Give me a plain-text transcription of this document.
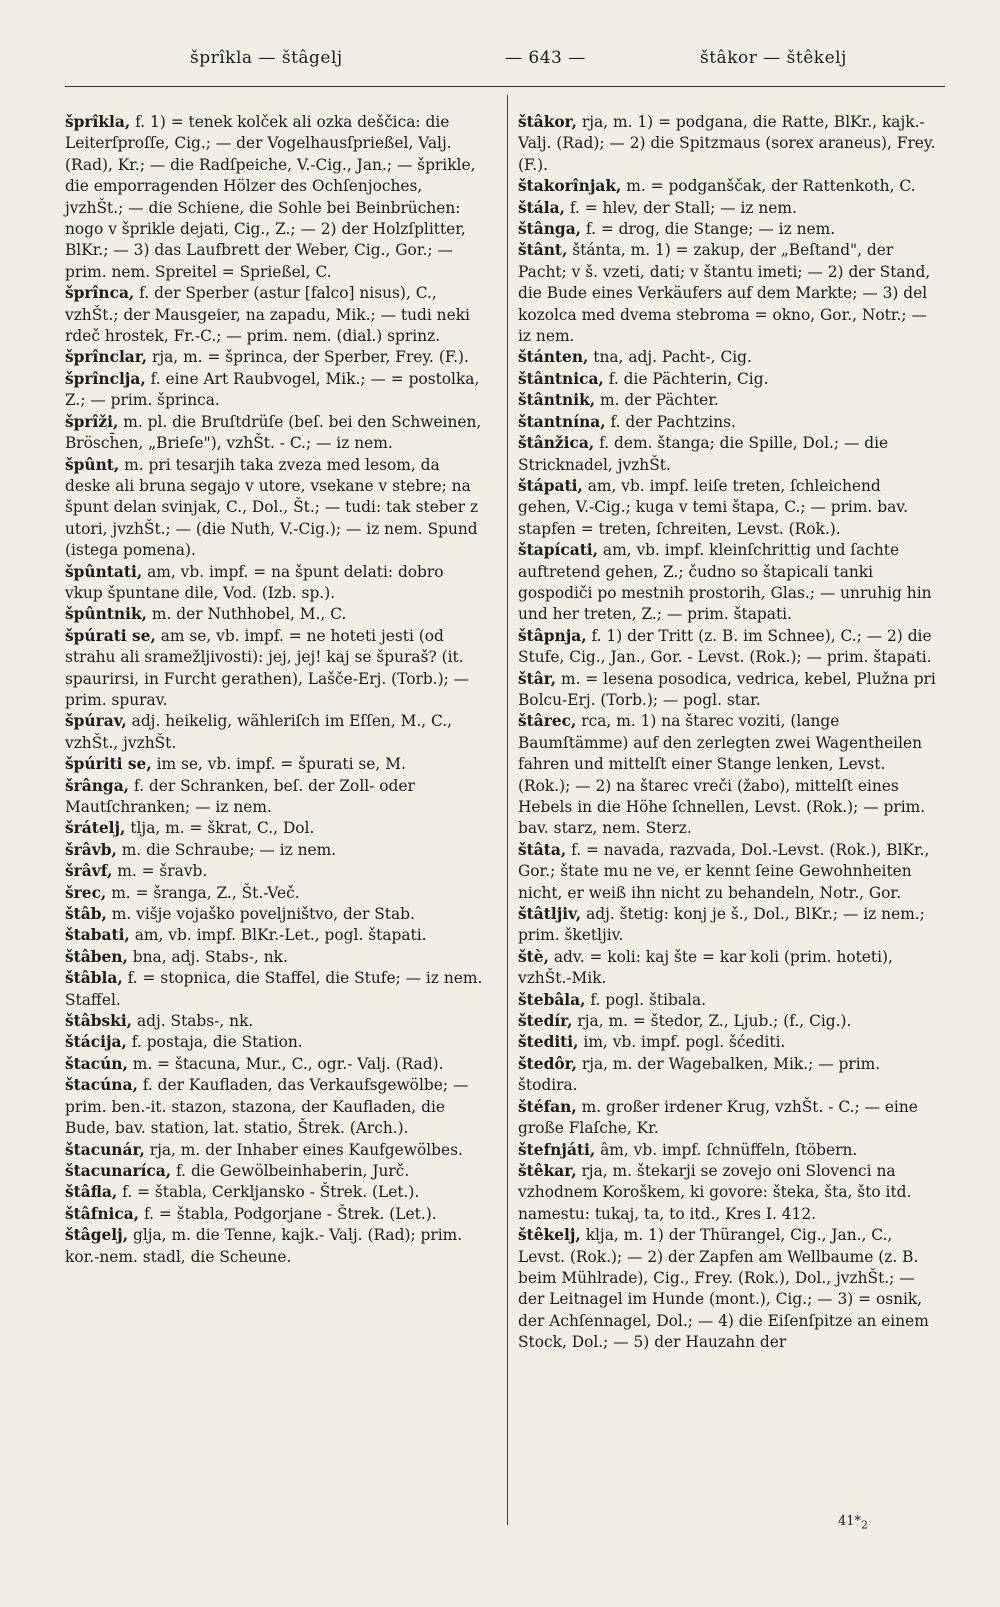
šprîkla — štâgelj	— 643 —	štâkor — štêkelj

šprîkla, f. 1) = tenek kolček ali ozka deščica: die Leiterſproſſe, Cig.; — der Vogelhausſprießel, Valj. (Rad), Kr.; — die Radſpeiche, V.-Cig., Jan.; — šprikle, die emporragenden Hölzer des Ochſenjoches, jvzhŠt.; — die Schiene, die Sohle bei Beinbrüchen: nogo v šprikle dejati, Cig., Z.; — 2) der Holzſplitter, BlKr.; — 3) das Laufbrett der Weber, Cig., Gor.; — prim. nem. Spreitel = Sprießel, C.

šprînca, f. der Sperber (astur [falco] nisus), C., vzhŠt.; der Mausgeier, na zapadu, Mik.; — tudi neki rdeč hrostek, Fr.-C.; — prim. nem. (dial.) sprinz.

šprînclar, rja, m. = šprinca, der Sperber, Frey. (F.).

šprînclja, f. eine Art Raubvogel, Mik.; — = postolka, Z.; — prim. šprinca.

šprîži, m. pl. die Bruſtdrüſe (beſ. bei den Schweinen, Brösch̄en, „Brieſe"), vzhŠt. - C.; — iz nem.

špûnt, m. pri tesarjih taka zveza med lesom, da deske ali bruna segajo v utore, vsekane v stebre; na špunt delan svinjak, C., Dol., Št.; — tudi: tak steber z utori, jvzhŠt.; — (die Nuth, V.-Cig.); — iz nem. Spund (istega pomena).

špûntati, am, vb. impf. = na špunt delati: dobro vkup špuntane dile, Vod. (Izb. sp.).

špûntnik, m. der Nuthhobel, M., C.

špúrati se, am se, vb. impf. = ne hoteti jesti (od strahu ali sramežljivosti): jej, jej! kaj se špuraš? (it. spaurirsi, in Furcht gerathen), Lašče-Erj. (Torb.); — prim. spurav.

špúrav, adj. heikelig, wähleriſch im Eſſen, M., C., vzhŠt., jvzhŠt.

špúriti se, im se, vb. impf. = špurati se, M.

šrânga, f. der Schranken, beſ. der Zoll- oder Mautſchranken; — iz nem.

šrátelj, tlja, m. = škrat, C., Dol.

šrâvb, m. die Schraube; — iz nem.

šrâvf, m. = šravb.

šrec, m. = šranga, Z., Št.-Več.

štâb, m. višje vojaško poveljništvo, der Stab.

štabati, am, vb. impf. BlKr.-Let., pogl. štapati.

štâben, bna, adj. Stabs-, nk.

štâbla, f. = stopnica, die Staffel, die Stufe; — iz nem. Staffel.

štâbski, adj. Stabs-, nk.

štácija, f. postaja, die Station.

štacún, m. = štacuna, Mur., C., ogr.- Valj. (Rad).

štacúna, f. der Kaufladen, das Verkaufsgewölbe; — prim. ben.-it. stazon, stazona, der Kaufladen, die Bude, bav. station, lat. statio, Štrek. (Arch.).

štacunár, rja, m. der Inhaber eines Kaufgewölbes.

štacunaríca, f. die Gewölbeinhaberin, Jurč.

štâfla, f. = štabla, Cerkljansko - Štrek. (Let.).

štâfnica, f. = štabla, Podgorjane - Štrek. (Let.).

štâgelj, glja, m. die Tenne, kajk.- Valj. (Rad); prim. kor.-nem. stadl, die Scheune.

štâkor, rja, m. 1) = podgana, die Ratte, BlKr., kajk.- Valj. (Rad); — 2) die Spitzmaus (sorex araneus), Frey. (F.).

štakorînjak, m. = podganščak, der Rattenkoth, C.

štála, f. = hlev, der Stall; — iz nem.

štânga, f. = drog, die Stange; — iz nem.

štânt, štánta, m. 1) = zakup, der „Beſtand", der Pacht; v š. vzeti, dati; v štantu imeti; — 2) der Stand, die Bude eines Verkäufers auf dem Markte; — 3) del kozolca med dvema stebroma = okno, Gor., Notr.; — iz nem.

štánten, tna, adj. Pacht-, Cig.

štântnica, f. die Pächterin, Cig.

štântnik, m. der Pächter.

štantnína, f. der Pachtzins.

štânžica, f. dem. štanga; die Spille, Dol.; — die Stricknadel, jvzhŠt.

štápati, am, vb. impf. leiſe treten, ſchleichend gehen, V.-Cig.; kuga v temi štapa, C.; — prim. bav. stapfen = treten, ſchreiten, Levst. (Rok.).

štapícati, am, vb. impf. kleinſchrittig und ſachte auftretend gehen, Z.; čudno so štapicali tanki gospodiči po mestnih prostorih, Glas.; — unruhig hin und her treten, Z.; — prim. štapati.

štâpnja, f. 1) der Tritt (z. B. im Schnee), C.; — 2) die Stufe, Cig., Jan., Gor. - Levst. (Rok.); — prim. štapati.

štâr, m. = lesena posodica, vedrica, kebel, Plužna pri Bolcu-Erj. (Torb.); — pogl. star.

štârec, rca, m. 1) na štarec voziti, (lange Baumſtämme) auf den zerlegten zwei Wagentheilen fahren und mittelſt einer Stange lenken, Levst. (Rok.); — 2) na štarec vreči (žabo), mittelſt eines Hebels in die Höhe ſchnellen, Levst. (Rok.); — prim. bav. starz, nem. Sterz.

štâta, f. = navada, razvada, Dol.-Levst. (Rok.), BlKr., Gor.; štate mu ne ve, er kennt ſeine Gewohnheiten nicht, er weiß ihn nicht zu behandeln, Notr., Gor.

štâtljiv, adj. štetig: konj je š., Dol., BlKr.; — iz nem.; prim. šketljiv.

štè, adv. = koli: kaj šte = kar koli (prim. hoteti), vzhŠt.-Mik.

štebâla, f. pogl. štibala.

štedír, rja, m. = štedor, Z., Ljub.; (f., Cig.).

štediti, im, vb. impf. pogl. šćediti.

štedôr, rja, m. der Wagebalken, Mik.; — prim. štodira.

štéfan, m. großer irdener Krug, vzhŠt. - C.; — eine große Flaſche, Kr.

štefnjáti, âm, vb. impf. ſchnüffeln, ſtöbern.

štêkar, rja, m. štekarji se zovejo oni Slovenci na vzhodnem Koroškem, ki govore: šteka, šta, što itd. namestu: tukaj, ta, to itd., Kres I. 412.

štêkelj, klja, m. 1) der Thürangel, Cig., Jan., C., Levst. (Rok.); — 2) der Zapfen am Wellbaume (z. B. beim Mühlrade), Cig., Frey. (Rok.), Dol., jvzhŠt.; — der Leitnagel im Hunde (mont.), Cig.; — 3) = osnik, der Achſennagel, Dol.; — 4) die Eiſenſpitze an einem Stock, Dol.; — 5) der Hauzahn der

$41*_2$
